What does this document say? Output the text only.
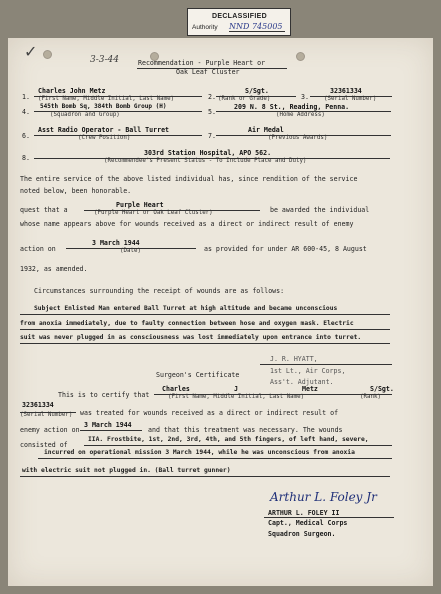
DECLASSIFIED
Authority NND 745005
3-3-44
✓
Recommendation - Purple Heart or
Oak Leaf Cluster
1.
Charles John Metz
(First Name, Middle Initial, Last Name)	2.
S/Sgt.
(Rank or Grade)	3.
32361334
(Serial Number)
4.
545th Bomb Sq, 384th Bomb Group (H)
(Squadron and Group)	5.
209 N. 8 St., Reading, Penna.
(Home Address)
6.
Asst Radio Operator - Ball Turret
(Crew Position)	7.
Air Medal
(Previous Awards)
8.
303rd Station Hospital, APO 562.
(Recommendee's Present Status - To Include Place and Duty)
The entire service of the above listed individual has, since rendition of the service
noted below, been honorable.
quest that a
Purple Heart
(Purple Heart or Oak Leaf Cluster)	be awarded the individual
whose name appears above for wounds received as a direct or indirect result of enemy
action on
3 March 1944
(Date)	as provided for under AR 600-45, 8 August
1932, as amended.
Circumstances surrounding the receipt of wounds are as follows:
Subject Enlisted Man entered Ball Turret at high altitude and became unconscious
from anoxia immediately, due to faulty connection between hose and oxygen mask. Electric
suit was never plugged in as consciousness was lost immediately upon entrance into turret.
J. R. HYATT,
1st Lt., Air Corps,
Ass't. Adjutant.
Surgeon's Certificate
This is to certify that
Charles	J	Metz	S/Sgt.
(First Name, Middle Initial, Last Name)	(Rank)
32361334
(Serial Number) was treated for wounds received as a direct or indirect result of
enemy action on
3 March 1944
and that this treatment was necessary. The wounds
consisted of
IIA. Frostbite, 1st, 2nd, 3rd, 4th, and 5th fingers, of left hand, severe,
incurred on operational mission 3 March 1944, while he was unconscious from anoxia
with electric suit not plugged in. (Ball turret gunner)
Arthur L. Foley Jr
ARTHUR L. FOLEY II
Capt., Medical Corps
Squadron Surgeon.
